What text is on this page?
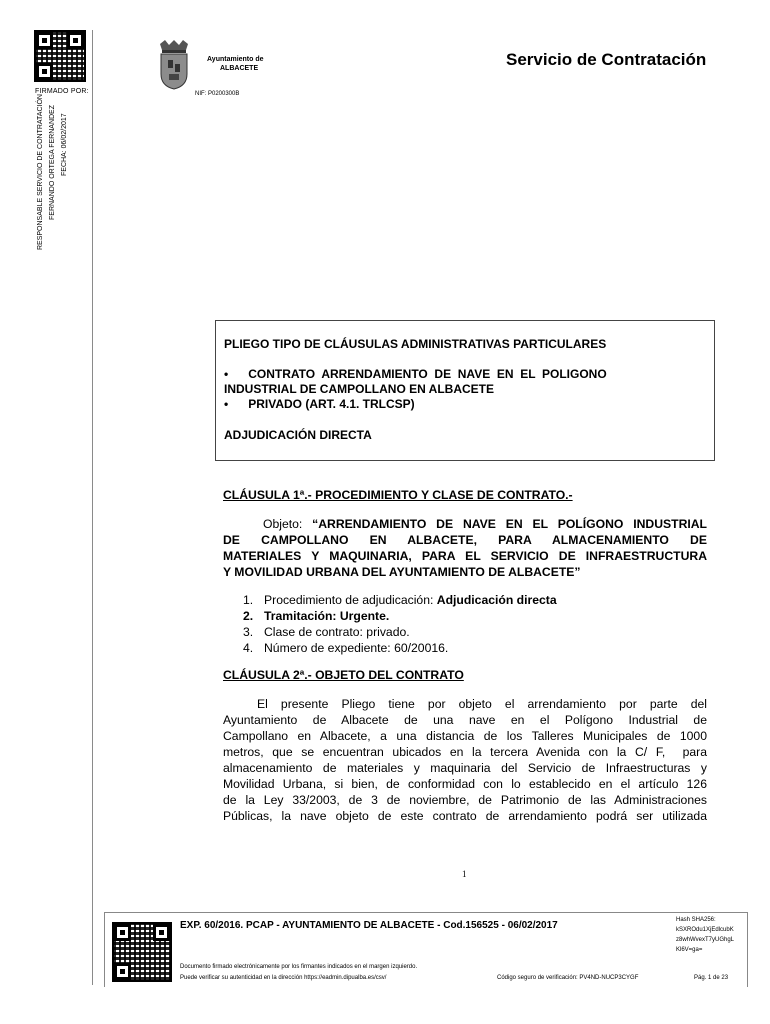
FIRMADO POR:
RESPONSABLE SERVICIO DE CONTRATACIÓN FERNANDO ORTEGA FERNANDEZ FECHA: 06/02/2017
Ayuntamiento de
ALBACETE
NIF: P0200300B
Servicio de Contratación
PLIEGO TIPO DE CLÁUSULAS ADMINISTRATIVAS PARTICULARES
•      CONTRATO  ARRENDAMIENTO  DE  NAVE  EN  EL  POLIGONO
INDUSTRIAL DE CAMPOLLANO EN ALBACETE
•      PRIVADO (ART. 4.1. TRLCSP)
ADJUDICACIÓN DIRECTA
CLÁUSULA 1ª.- PROCEDIMIENTO Y CLASE DE CONTRATO.-
Objeto: “ARRENDAMIENTO DE NAVE EN EL POLÍGONO INDUSTRIAL
DE  CAMPOLLANO  EN  ALBACETE,  PARA  ALMACENAMIENTO  DE
MATERIALES Y MAQUINARIA, PARA EL SERVICIO DE INFRAESTRUCTURA
Y MOVILIDAD URBANA DEL AYUNTAMIENTO DE ALBACETE”
1. Procedimiento de adjudicación: Adjudicación directa
2. Tramitación: Urgente.
3. Clase de contrato: privado.
4. Número de expediente: 60/20016.
CLÁUSULA 2ª.- OBJETO DEL CONTRATO
El  presente  Pliego  tiene  por  objeto  el  arrendamiento  por  parte  del
Ayuntamiento  de  Albacete  de  una  nave  en  el  Polígono  Industrial  de
Campollano en Albacete, a una distancia de los Talleres Municipales de 1000
metros, que se encuentran ubicados en la tercera Avenida con la C/ F,  para
almacenamiento de materiales y maquinaria del Servicio de Infraestructuras y
Movilidad Urbana, si bien, de conformidad con lo establecido en el artículo 126
de la Ley 33/2003, de 3 de noviembre, de Patrimonio de las Administraciones
Públicas, la nave objeto de este contrato de arrendamiento podrá ser utilizada
1
EXP. 60/2016. PCAP - AYUNTAMIENTO DE ALBACETE - Cod.156525 - 06/02/2017	Hash SHA256:
kSXROdu1XjEdlcubK
z8whWvexT7yUGhgL
Kl6V=ga=
Documento firmado electrónicamente por los firmantes indicados en el margen izquierdo.
Puede verificar su autenticidad en la dirección https://eadmin.dipualba.es/csv/	Código seguro de verificación: PV4ND-NUCP3CYGF	Pág. 1 de 23
